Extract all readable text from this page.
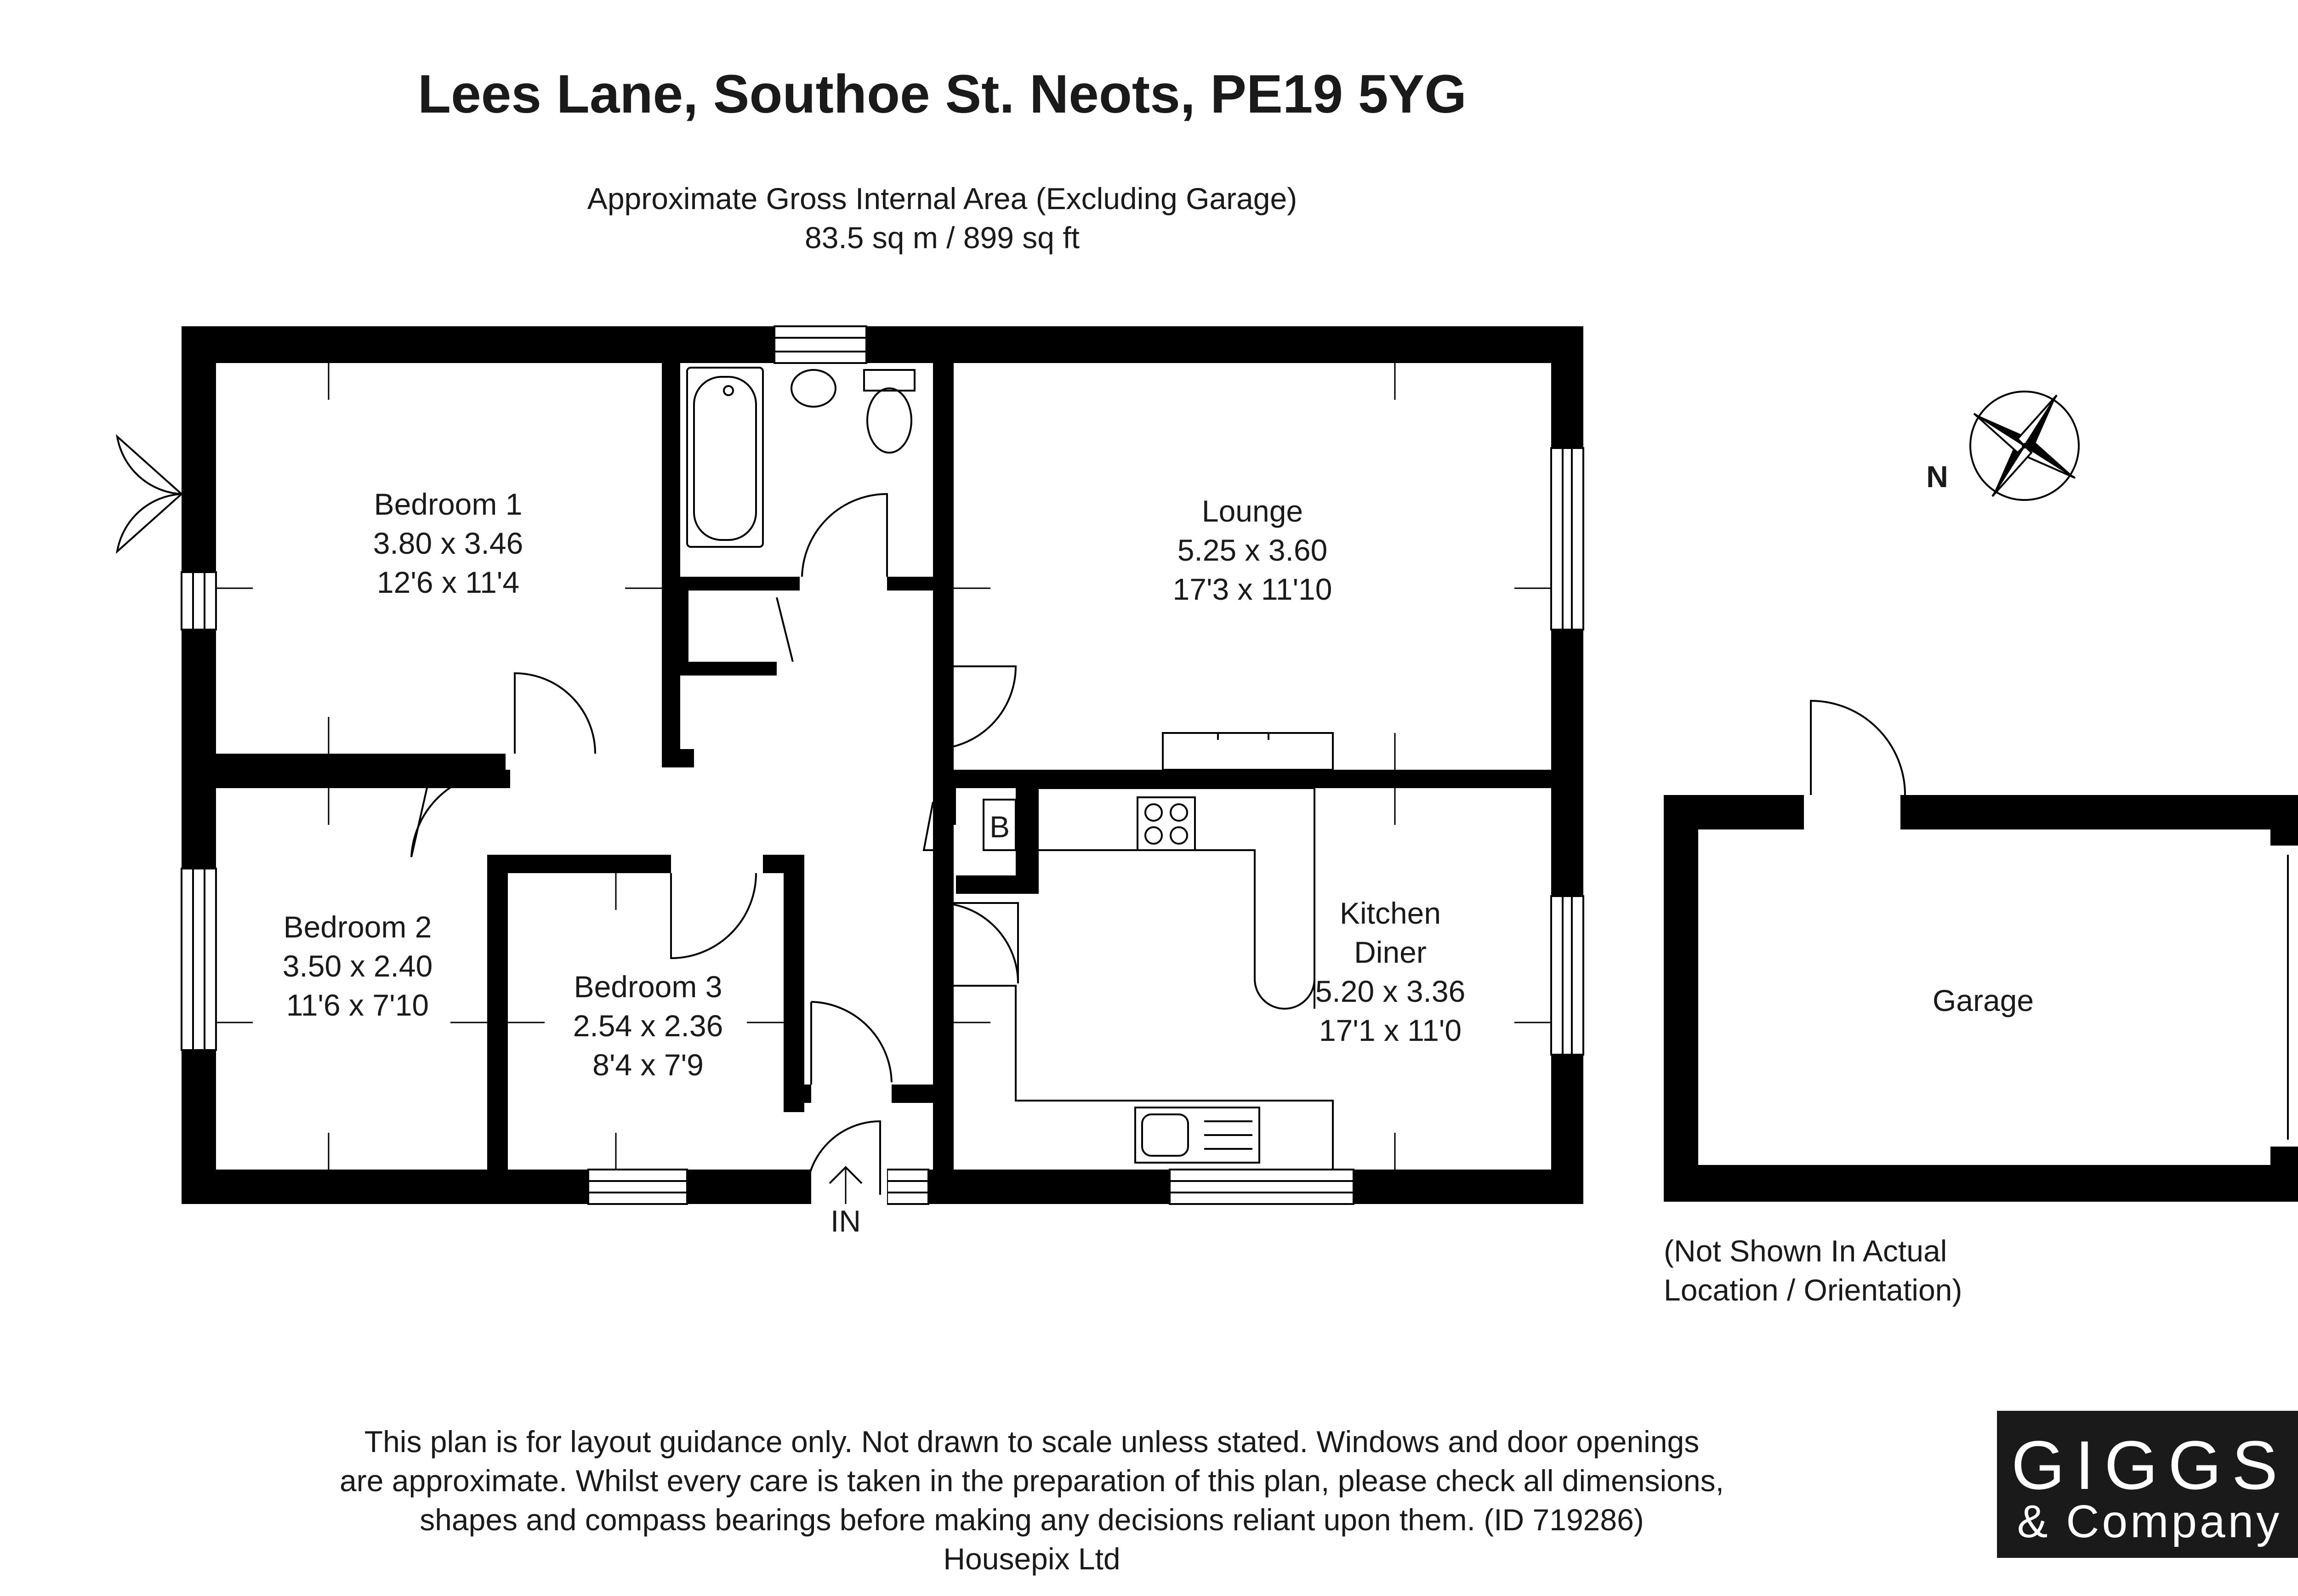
Lees Lane, Southoe St. Neots, PE19 5YG
Approximate Gross Internal Area (Excluding Garage)
83.5 sq m / 899 sq ft
B
Bedroom 1
3.80 x 3.46
12'6 x 11'4
Bedroom 2
3.50 x 2.40
11'6 x 7'10
Bedroom 3
2.54 x 2.36
8'4 x 7'9
Lounge
5.25 x 3.60
17'3 x 11'10
Kitchen
Diner
5.20 x 3.36
17'1 x 11'0
IN
N
Garage
(Not Shown In Actual
Location / Orientation)
This plan is for layout guidance only. Not drawn to scale unless stated. Windows and door openings
are approximate. Whilst every care is taken in the preparation of this plan, please check all dimensions,
shapes and compass bearings before making any decisions reliant upon them. (ID 719286)
Housepix Ltd
GIGGS
& Company
